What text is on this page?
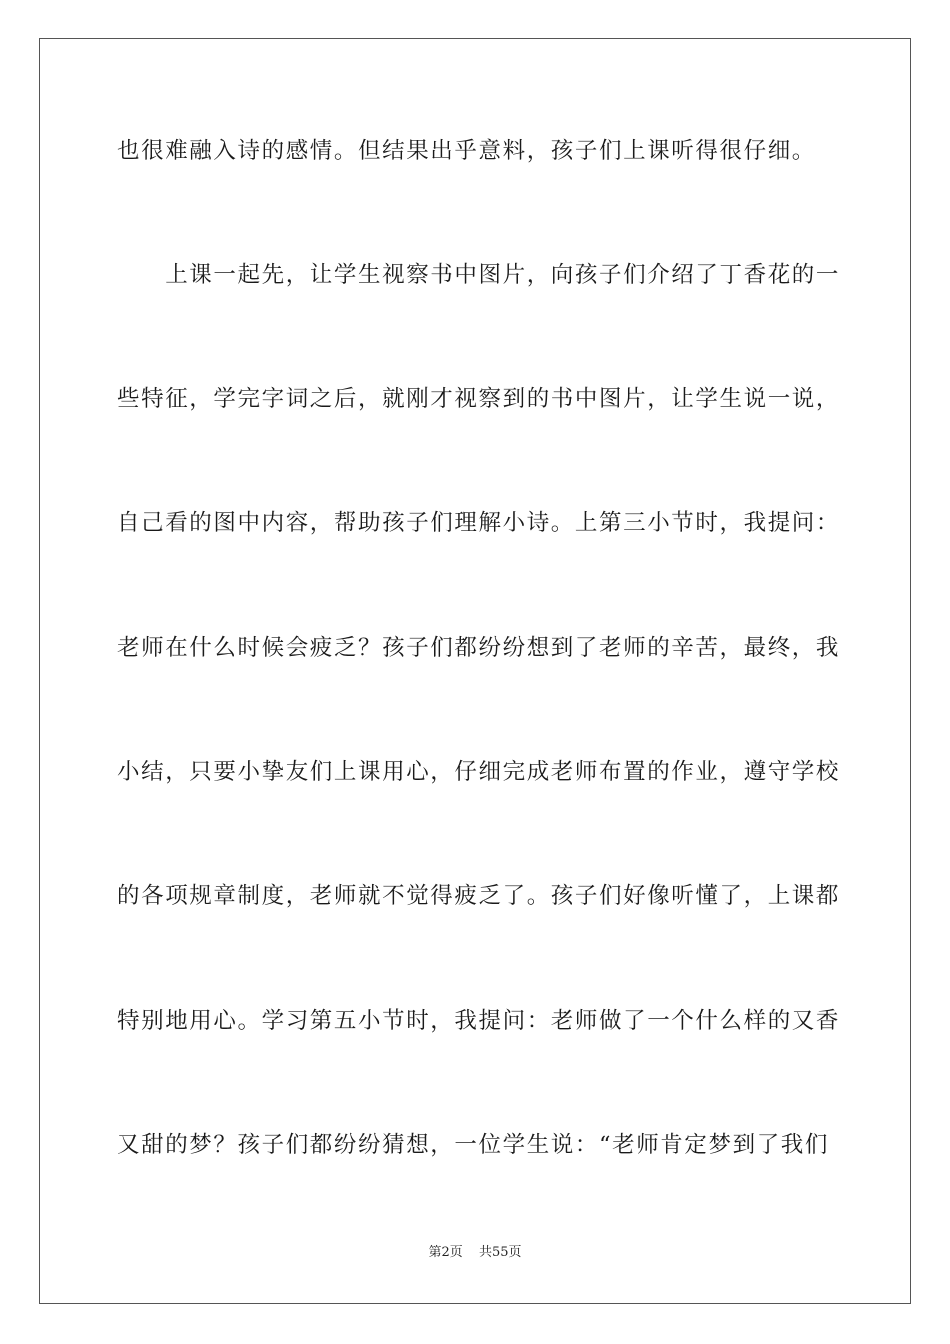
也很难融入诗的感情。但结果出乎意料，孩子们上课听得很仔细。
　　上课一起先，让学生视察书中图片，向孩子们介绍了丁香花的一
些特征，学完字词之后，就刚才视察到的书中图片，让学生说一说，
自己看的图中内容，帮助孩子们理解小诗。上第三小节时，我提问：
老师在什么时候会疲乏？孩子们都纷纷想到了老师的辛苦，最终，我
小结，只要小挚友们上课用心，仔细完成老师布置的作业，遵守学校
的各项规章制度，老师就不觉得疲乏了。孩子们好像听懂了，上课都
特别地用心。学习第五小节时，我提问：老师做了一个什么样的又香
又甜的梦？孩子们都纷纷猜想，一位学生说：“老师肯定梦到了我们
第2页 共55页
